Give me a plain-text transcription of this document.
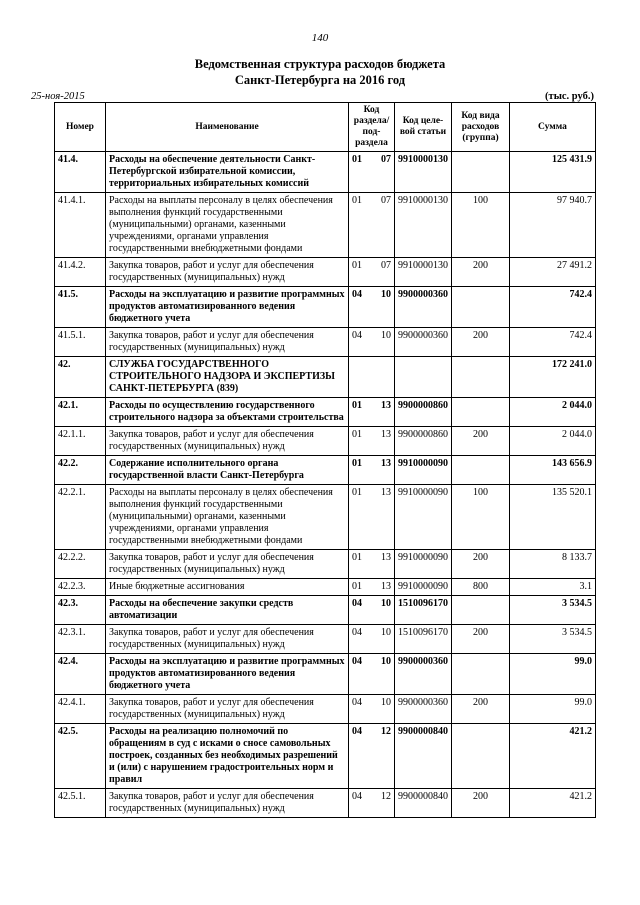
140
Ведомственная структура расходов бюджета
Санкт-Петербурга на 2016 год
25-ноя-2015	(тыс. руб.)
Номер	Наименование	Код раздела/ под- раздела	Код целе- вой статьи	Код вида расходов (группа)	Сумма
41.4.	Расходы на обеспечение деятельности Санкт-Петербургской избирательной комиссии, территориальных избирательных комиссий	01 07	9910000130		125 431.9
41.4.1.	Расходы на выплаты персоналу в целях обеспечения выполнения функций государственными (муниципальными) органами, казенными учреждениями, органами управления государственными внебюджетными фондами	01 07	9910000130	100	97 940.7
41.4.2.	Закупка товаров, работ и услуг для обеспечения государственных (муниципальных) нужд	01 07	9910000130	200	27 491.2
41.5.	Расходы на эксплуатацию и развитие программных продуктов автоматизированного ведения бюджетного учета	04 10	9900000360		742.4
41.5.1.	Закупка товаров, работ и услуг для обеспечения государственных (муниципальных) нужд	04 10	9900000360	200	742.4
42.	СЛУЖБА ГОСУДАРСТВЕННОГО СТРОИТЕЛЬНОГО НАДЗОРА И ЭКСПЕРТИЗЫ САНКТ-ПЕТЕРБУРГА (839)				172 241.0
42.1.	Расходы по осуществлению государственного строительного надзора за объектами строительства	01 13	9900000860		2 044.0
42.1.1.	Закупка товаров, работ и услуг для обеспечения государственных (муниципальных) нужд	01 13	9900000860	200	2 044.0
42.2.	Содержание исполнительного органа государственной власти Санкт-Петербурга	01 13	9910000090		143 656.9
42.2.1.	Расходы на выплаты персоналу в целях обеспечения выполнения функций государственными (муниципальными) органами, казенными учреждениями, органами управления государственными внебюджетными фондами	01 13	9910000090	100	135 520.1
42.2.2.	Закупка товаров, работ и услуг для обеспечения государственных (муниципальных) нужд	01 13	9910000090	200	8 133.7
42.2.3.	Иные бюджетные ассигнования	01 13	9910000090	800	3.1
42.3.	Расходы на обеспечение закупки средств автоматизации	04 10	1510096170		3 534.5
42.3.1.	Закупка товаров, работ и услуг для обеспечения государственных (муниципальных) нужд	04 10	1510096170	200	3 534.5
42.4.	Расходы на эксплуатацию и развитие программных продуктов автоматизированного ведения бюджетного учета	04 10	9900000360		99.0
42.4.1.	Закупка товаров, работ и услуг для обеспечения государственных (муниципальных) нужд	04 10	9900000360	200	99.0
42.5.	Расходы на реализацию полномочий по обращениям в суд с исками о сносе самовольных построек, созданных без необходимых разрешений и (или) с нарушением градостроительных норм и правил	04 12	9900000840		421.2
42.5.1.	Закупка товаров, работ и услуг для обеспечения государственных (муниципальных) нужд	04 12	9900000840	200	421.2
